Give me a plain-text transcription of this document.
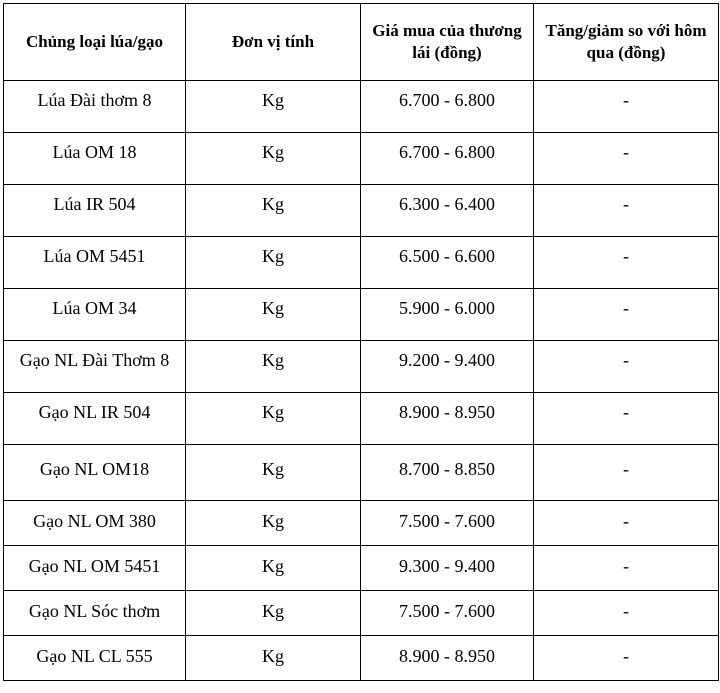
Chủng loại lúa/gạo	Đơn vị tính	Giá mua của thương lái (đồng)	Tăng/giảm so với hôm qua (đồng)
Lúa Đài thơm 8	Kg	6.700 - 6.800	-
Lúa OM 18	Kg	6.700 - 6.800	-
Lúa IR 504	Kg	6.300 - 6.400	-
Lúa OM 5451	Kg	6.500 - 6.600	-
Lúa OM 34	Kg	5.900 - 6.000	-
Gạo NL Đài Thơm 8	Kg	9.200 - 9.400	-
Gạo NL IR 504	Kg	8.900 - 8.950	-
Gạo NL OM18	Kg	8.700 - 8.850	-
Gạo NL OM 380	Kg	7.500 - 7.600	-
Gạo NL OM 5451	Kg	9.300 - 9.400	-
Gạo NL Sóc thơm	Kg	7.500 - 7.600	-
Gạo NL CL 555	Kg	8.900 - 8.950	-
